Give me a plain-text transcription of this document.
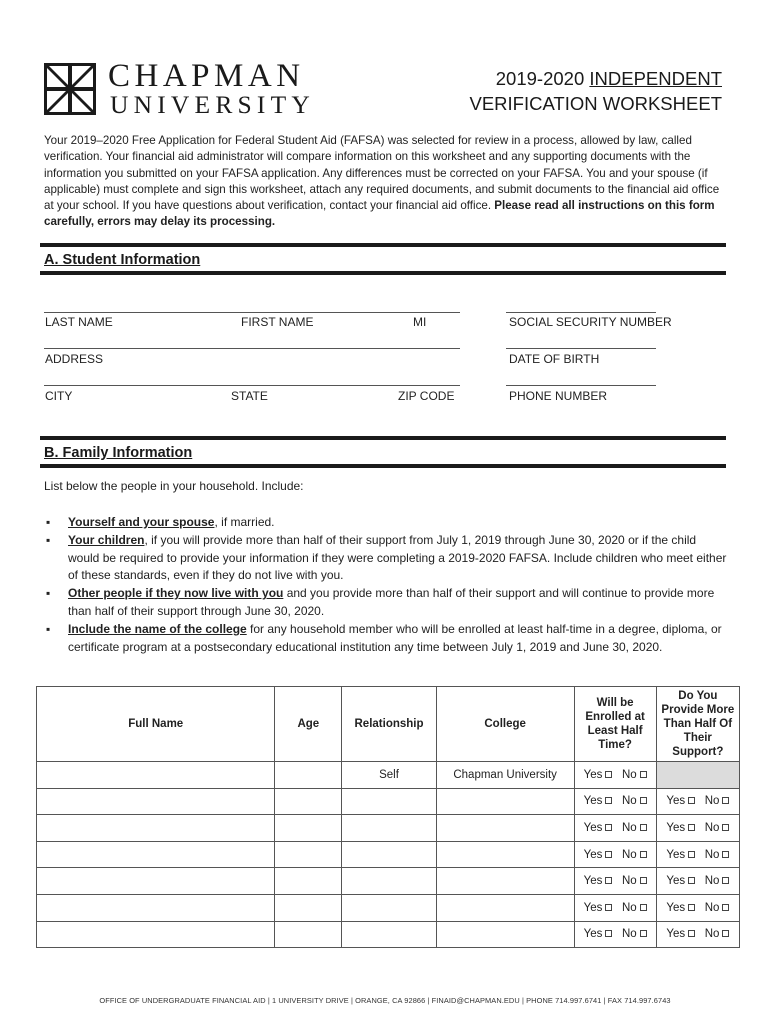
CHAPMAN
UNIVERSITY
2019-2020 INDEPENDENT
VERIFICATION WORKSHEET
Your 2019–2020 Free Application for Federal Student Aid (FAFSA) was selected for review in a process, allowed by law, called verification. Your financial aid administrator will compare information on this worksheet and any supporting documents with the information you submitted on your FAFSA application. Any differences must be corrected on your FAFSA. You and your spouse (if applicable) must complete and sign this worksheet, attach any required documents, and submit documents to the financial aid office at your school. If you have questions about verification, contact your financial aid office. Please read all instructions on this form carefully, errors may delay its processing.
A. Student Information
LAST NAME	FIRST NAME	MI	SOCIAL SECURITY NUMBER
ADDRESS	DATE OF BIRTH
CITY	STATE	ZIP CODE	PHONE NUMBER
B. Family Information
List below the people in your household. Include:
▪ Yourself and your spouse, if married.
▪ Your children, if you will provide more than half of their support from July 1, 2019 through June 30, 2020 or if the child would be required to provide your information if they were completing a 2019-2020 FAFSA. Include children who meet either of these standards, even if they do not live with you.
▪ Other people if they now live with you and you provide more than half of their support and will continue to provide more than half of their support through June 30, 2020.
▪ Include the name of the college for any household member who will be enrolled at least half-time in a degree, diploma, or certificate program at a postsecondary educational institution any time between July 1, 2019 and June 30, 2020.
Full Name	Age	Relationship	College	Will be Enrolled at Least Half Time?	Do You Provide More Than Half Of Their Support?
		Self	Chapman University	Yes No	
				Yes No	Yes No
				Yes No	Yes No
				Yes No	Yes No
				Yes No	Yes No
				Yes No	Yes No
				Yes No	Yes No
OFFICE OF UNDERGRADUATE FINANCIAL AID | 1 UNIVERSITY DRIVE | ORANGE, CA 92866 | FINAID@CHAPMAN.EDU | PHONE 714.997.6741 | FAX 714.997.6743
